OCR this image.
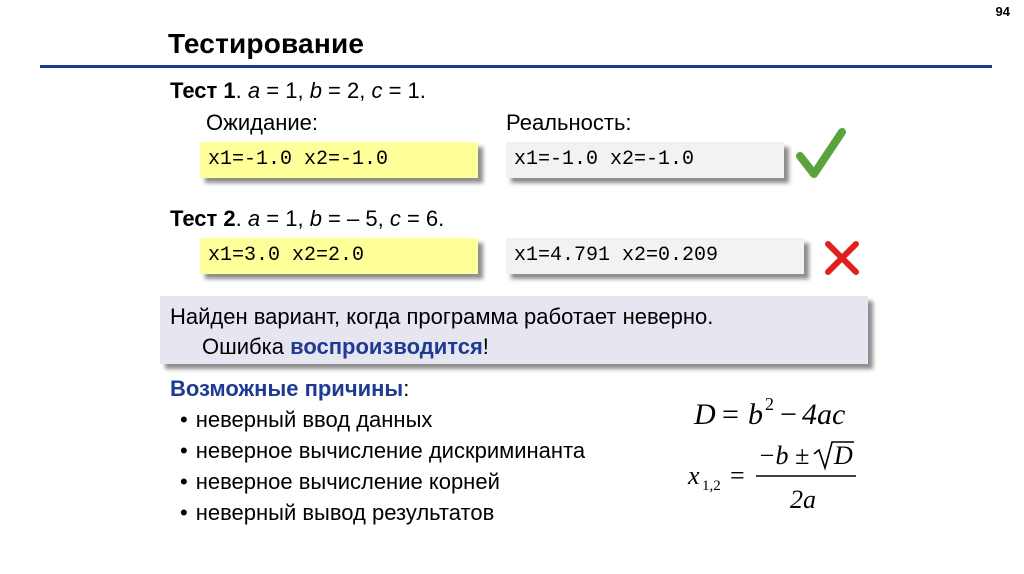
94
Тестирование
Тест 1. a = 1, b = 2, c = 1.
Ожидание:	Реальность:
x1=-1.0 x2=-1.0	x1=-1.0 x2=-1.0
Тест 2. a = 1, b = – 5, c = 6.
x1=3.0 x2=2.0	x1=4.791 x2=0.209
Найден вариант, когда программа работает неверно.
Ошибка воспроизводится!
Возможные причины:
• неверный ввод данных
• неверное вычисление дискриминанта
• неверное вычисление корней
• неверный вывод результатов
D = b 2 − 4ac
x 1,2 =
−b ± D
2a
